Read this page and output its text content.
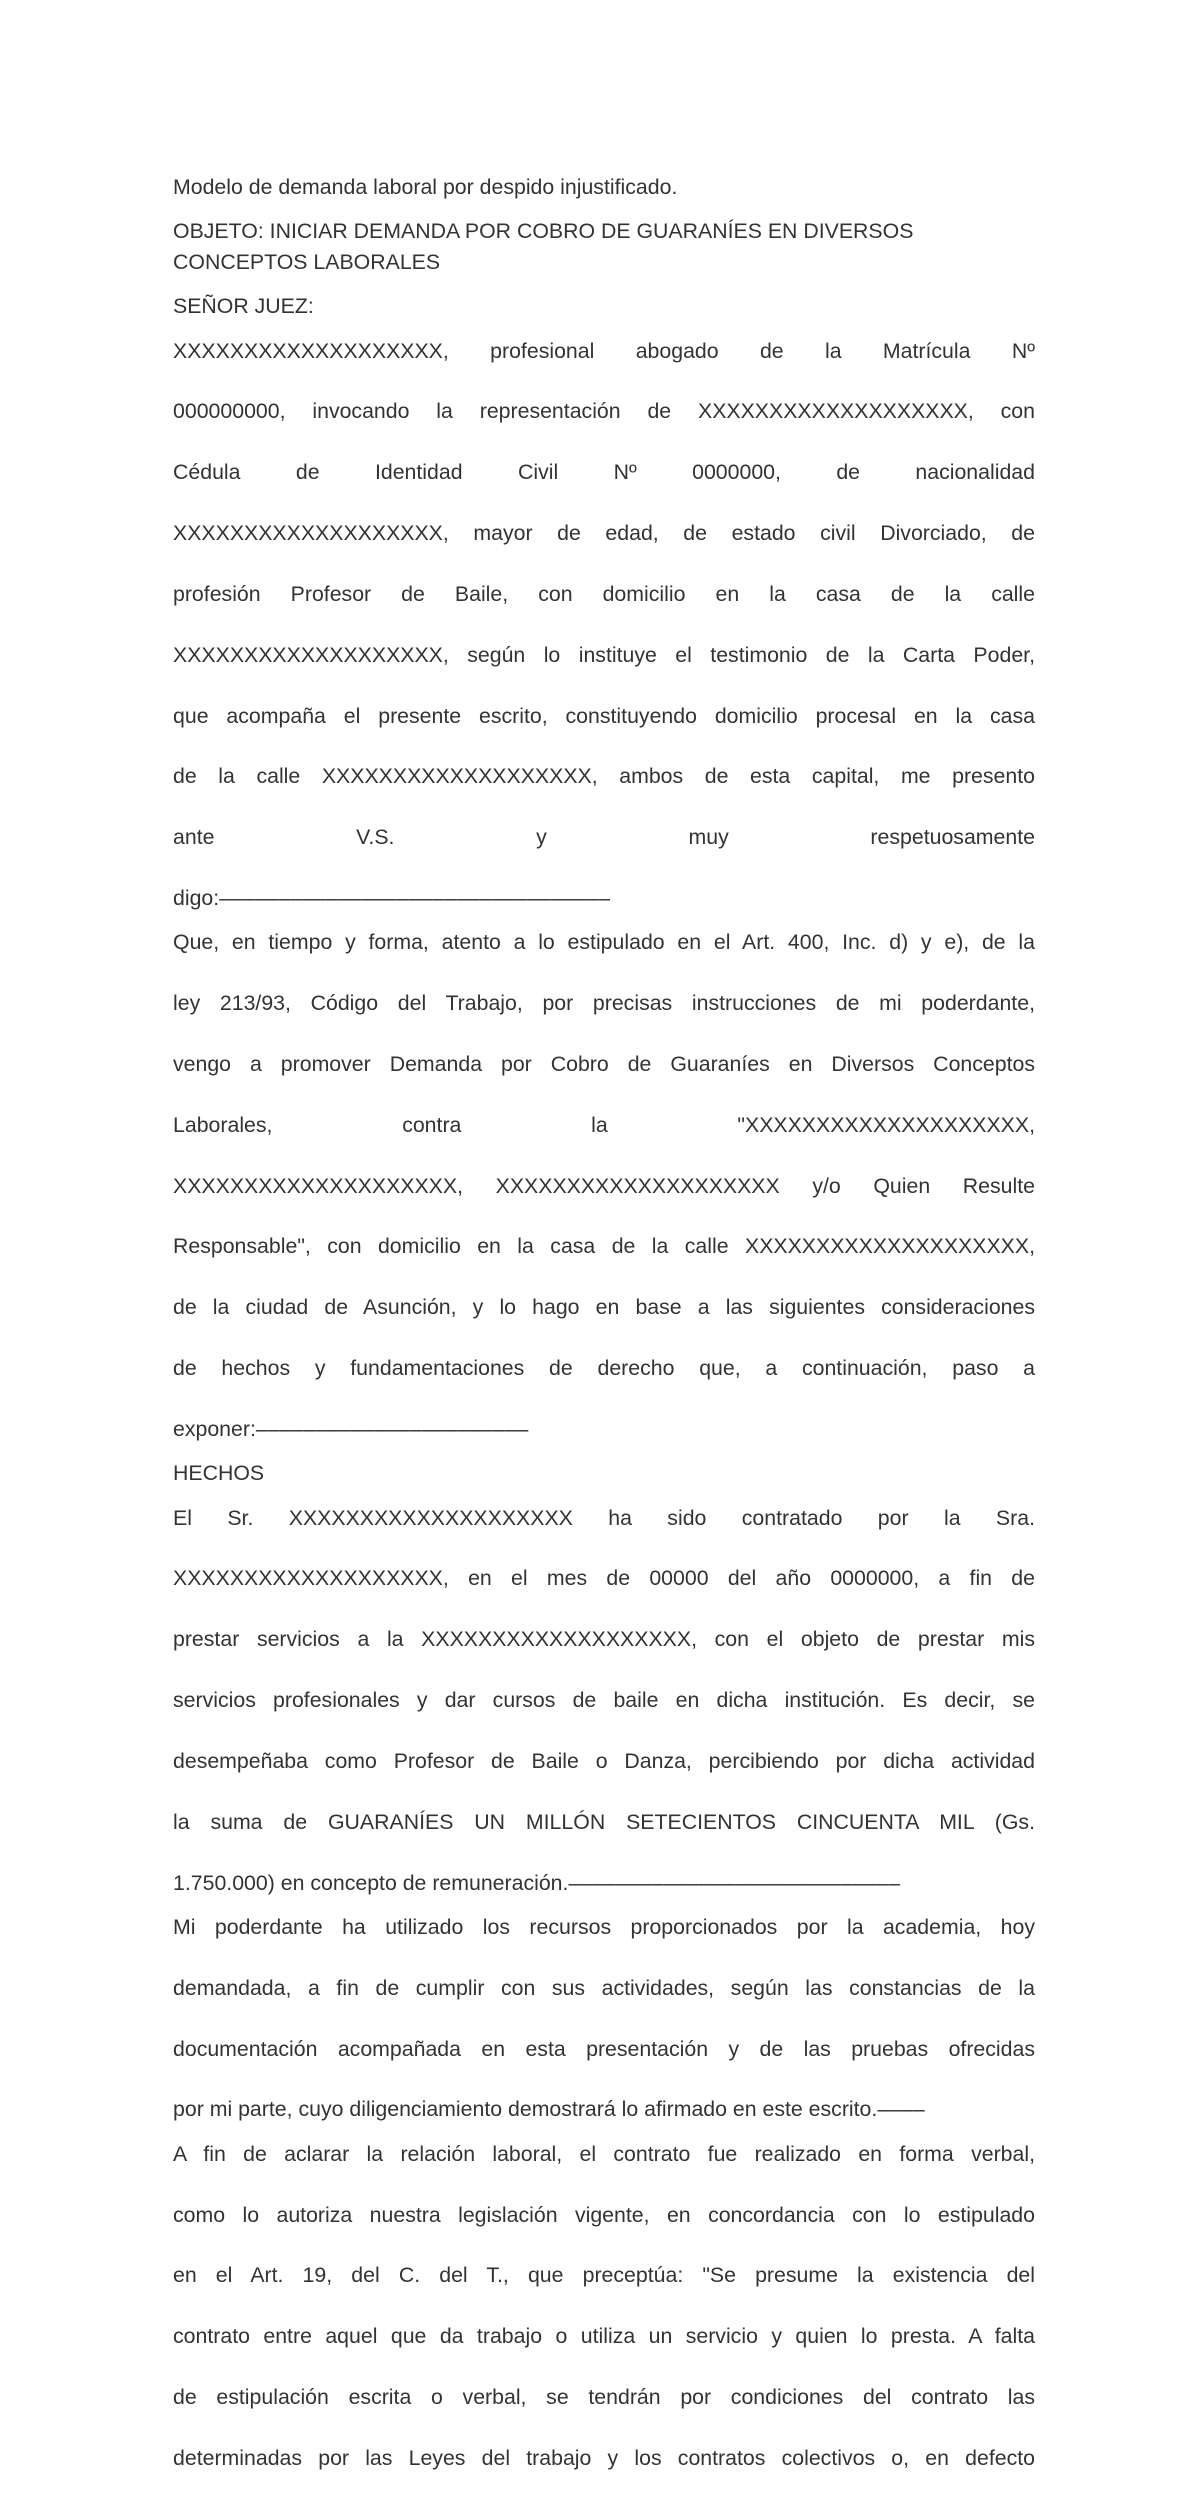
Modelo de demanda laboral por despido injustificado.

OBJETO: INICIAR DEMANDA POR COBRO DE GUARANÍES EN DIVERSOS
CONCEPTOS LABORALES

SEÑOR JUEZ:

XXXXXXXXXXXXXXXXXXX, profesional abogado de la Matrícula Nº
000000000, invocando la representación de XXXXXXXXXXXXXXXXXXX, con
Cédula de Identidad Civil Nº 0000000, de nacionalidad
XXXXXXXXXXXXXXXXXXX, mayor de edad, de estado civil Divorciado, de
profesión Profesor de Baile, con domicilio en la casa de la calle
XXXXXXXXXXXXXXXXXXX, según lo instituye el testimonio de la Carta Poder,
que acompaña el presente escrito, constituyendo domicilio procesal en la casa
de la calle XXXXXXXXXXXXXXXXXXX, ambos de esta capital, me presento
ante V.S. y muy respetuosamente
digo:–––––––––––––––––––––––––––––––––

Que, en tiempo y forma, atento a lo estipulado en el Art. 400, Inc. d) y e), de la
ley 213/93, Código del Trabajo, por precisas instrucciones de mi poderdante,
vengo a promover Demanda por Cobro de Guaraníes en Diversos Conceptos
Laborales, contra la "XXXXXXXXXXXXXXXXXXXX,
XXXXXXXXXXXXXXXXXXXX, XXXXXXXXXXXXXXXXXXXX y/o Quien Resulte
Responsable", con domicilio en la casa de la calle XXXXXXXXXXXXXXXXXXXX,
de la ciudad de Asunción, y lo hago en base a las siguientes consideraciones
de hechos y fundamentaciones de derecho que, a continuación, paso a
exponer:–––––––––––––––––––––––

HECHOS

El Sr. XXXXXXXXXXXXXXXXXXXX ha sido contratado por la Sra.
XXXXXXXXXXXXXXXXXXX, en el mes de 00000 del año 0000000, a fin de
prestar servicios a la XXXXXXXXXXXXXXXXXXX, con el objeto de prestar mis
servicios profesionales y dar cursos de baile en dicha institución. Es decir, se
desempeñaba como Profesor de Baile o Danza, percibiendo por dicha actividad
la suma de GUARANÍES UN MILLÓN SETECIENTOS CINCUENTA MIL (Gs.
1.750.000) en concepto de remuneración.––––––––––––––––––––––––––––

Mi poderdante ha utilizado los recursos proporcionados por la academia, hoy
demandada, a fin de cumplir con sus actividades, según las constancias de la
documentación acompañada en esta presentación y de las pruebas ofrecidas
por mi parte, cuyo diligenciamiento demostrará lo afirmado en este escrito.––––

A fin de aclarar la relación laboral, el contrato fue realizado en forma verbal,
como lo autoriza nuestra legislación vigente, en concordancia con lo estipulado
en el Art. 19, del C. del T., que preceptúa: "Se presume la existencia del
contrato entre aquel que da trabajo o utiliza un servicio y quien lo presta. A falta
de estipulación escrita o verbal, se tendrán por condiciones del contrato las
determinadas por las Leyes del trabajo y los contratos colectivos o, en defecto
